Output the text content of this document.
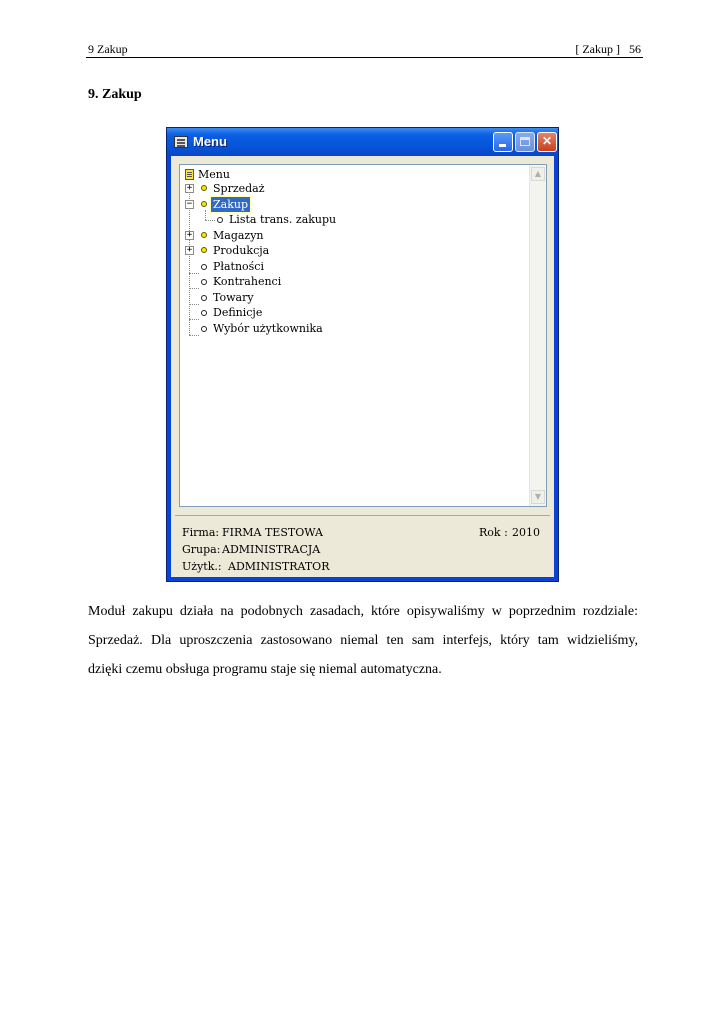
9 Zakup	[ Zakup ]   56
9. Zakup
Menu	✕
Menu
+ Sprzedaż
− Zakup
Lista trans. zakupu
+ Magazyn
+ Produkcja
Płatności
Kontrahenci
Towary
Definicje
Wybór użytkownika
▲
▼
Firma: FIRMA TESTOWA	Rok : 2010
Grupa: ADMINISTRACJA
Użytk.: ADMINISTRATOR
Moduł zakupu działa na podobnych zasadach, które opisywaliśmy w poprzednim rozdziale:
Sprzedaż. Dla uproszczenia zastosowano niemal ten sam interfejs, który tam widzieliśmy,
dzięki czemu obsługa programu staje się niemal automatyczna.
